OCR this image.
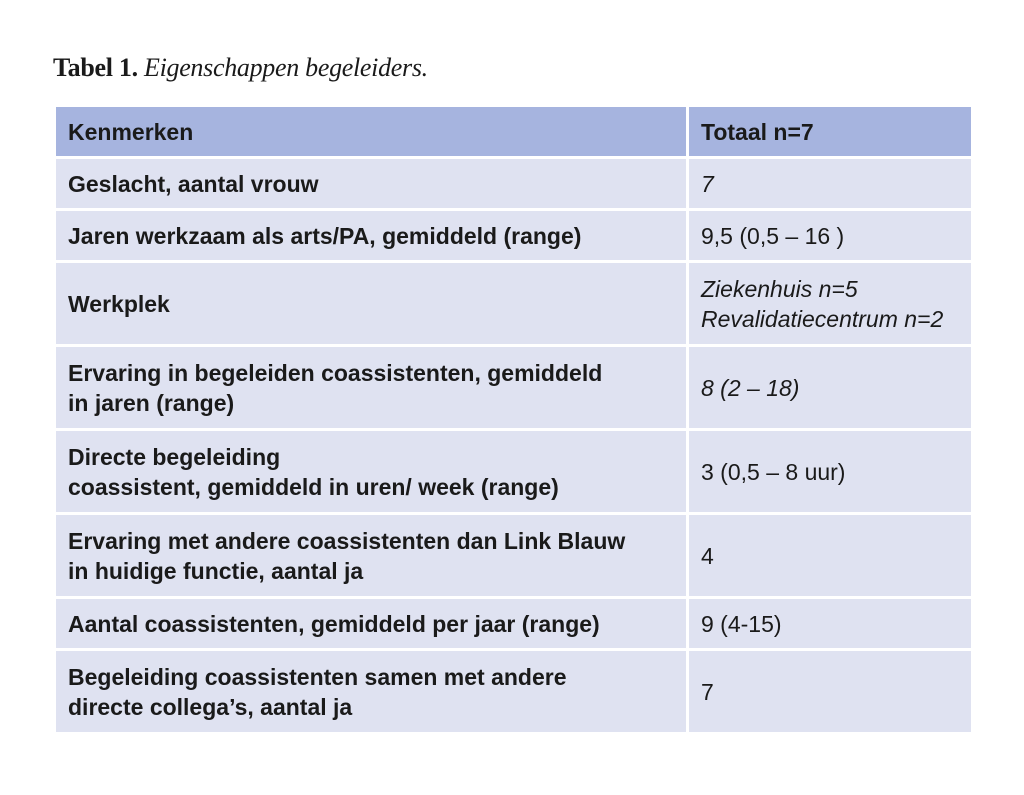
Tabel 1. Eigenschappen begeleiders.
Kenmerken	Totaal n=7

Geslacht, aantal vrouw	7

Jaren werkzaam als arts/PA, gemiddeld (range)	9,5 (0,5 – 16 )

Werkplek	Ziekenhuis n=5
Revalidatiecentrum n=2

Ervaring in begeleiden coassistenten, gemiddeld
in jaren (range)	8 (2 – 18)

Directe begeleiding
coassistent, gemiddeld in uren/ week (range)	3 (0,5 – 8 uur)

Ervaring met andere coassistenten dan Link Blauw
in huidige functie, aantal ja	4

Aantal coassistenten, gemiddeld per jaar (range)	9 (4-15)

Begeleiding coassistenten samen met andere
directe collega’s, aantal ja	7
